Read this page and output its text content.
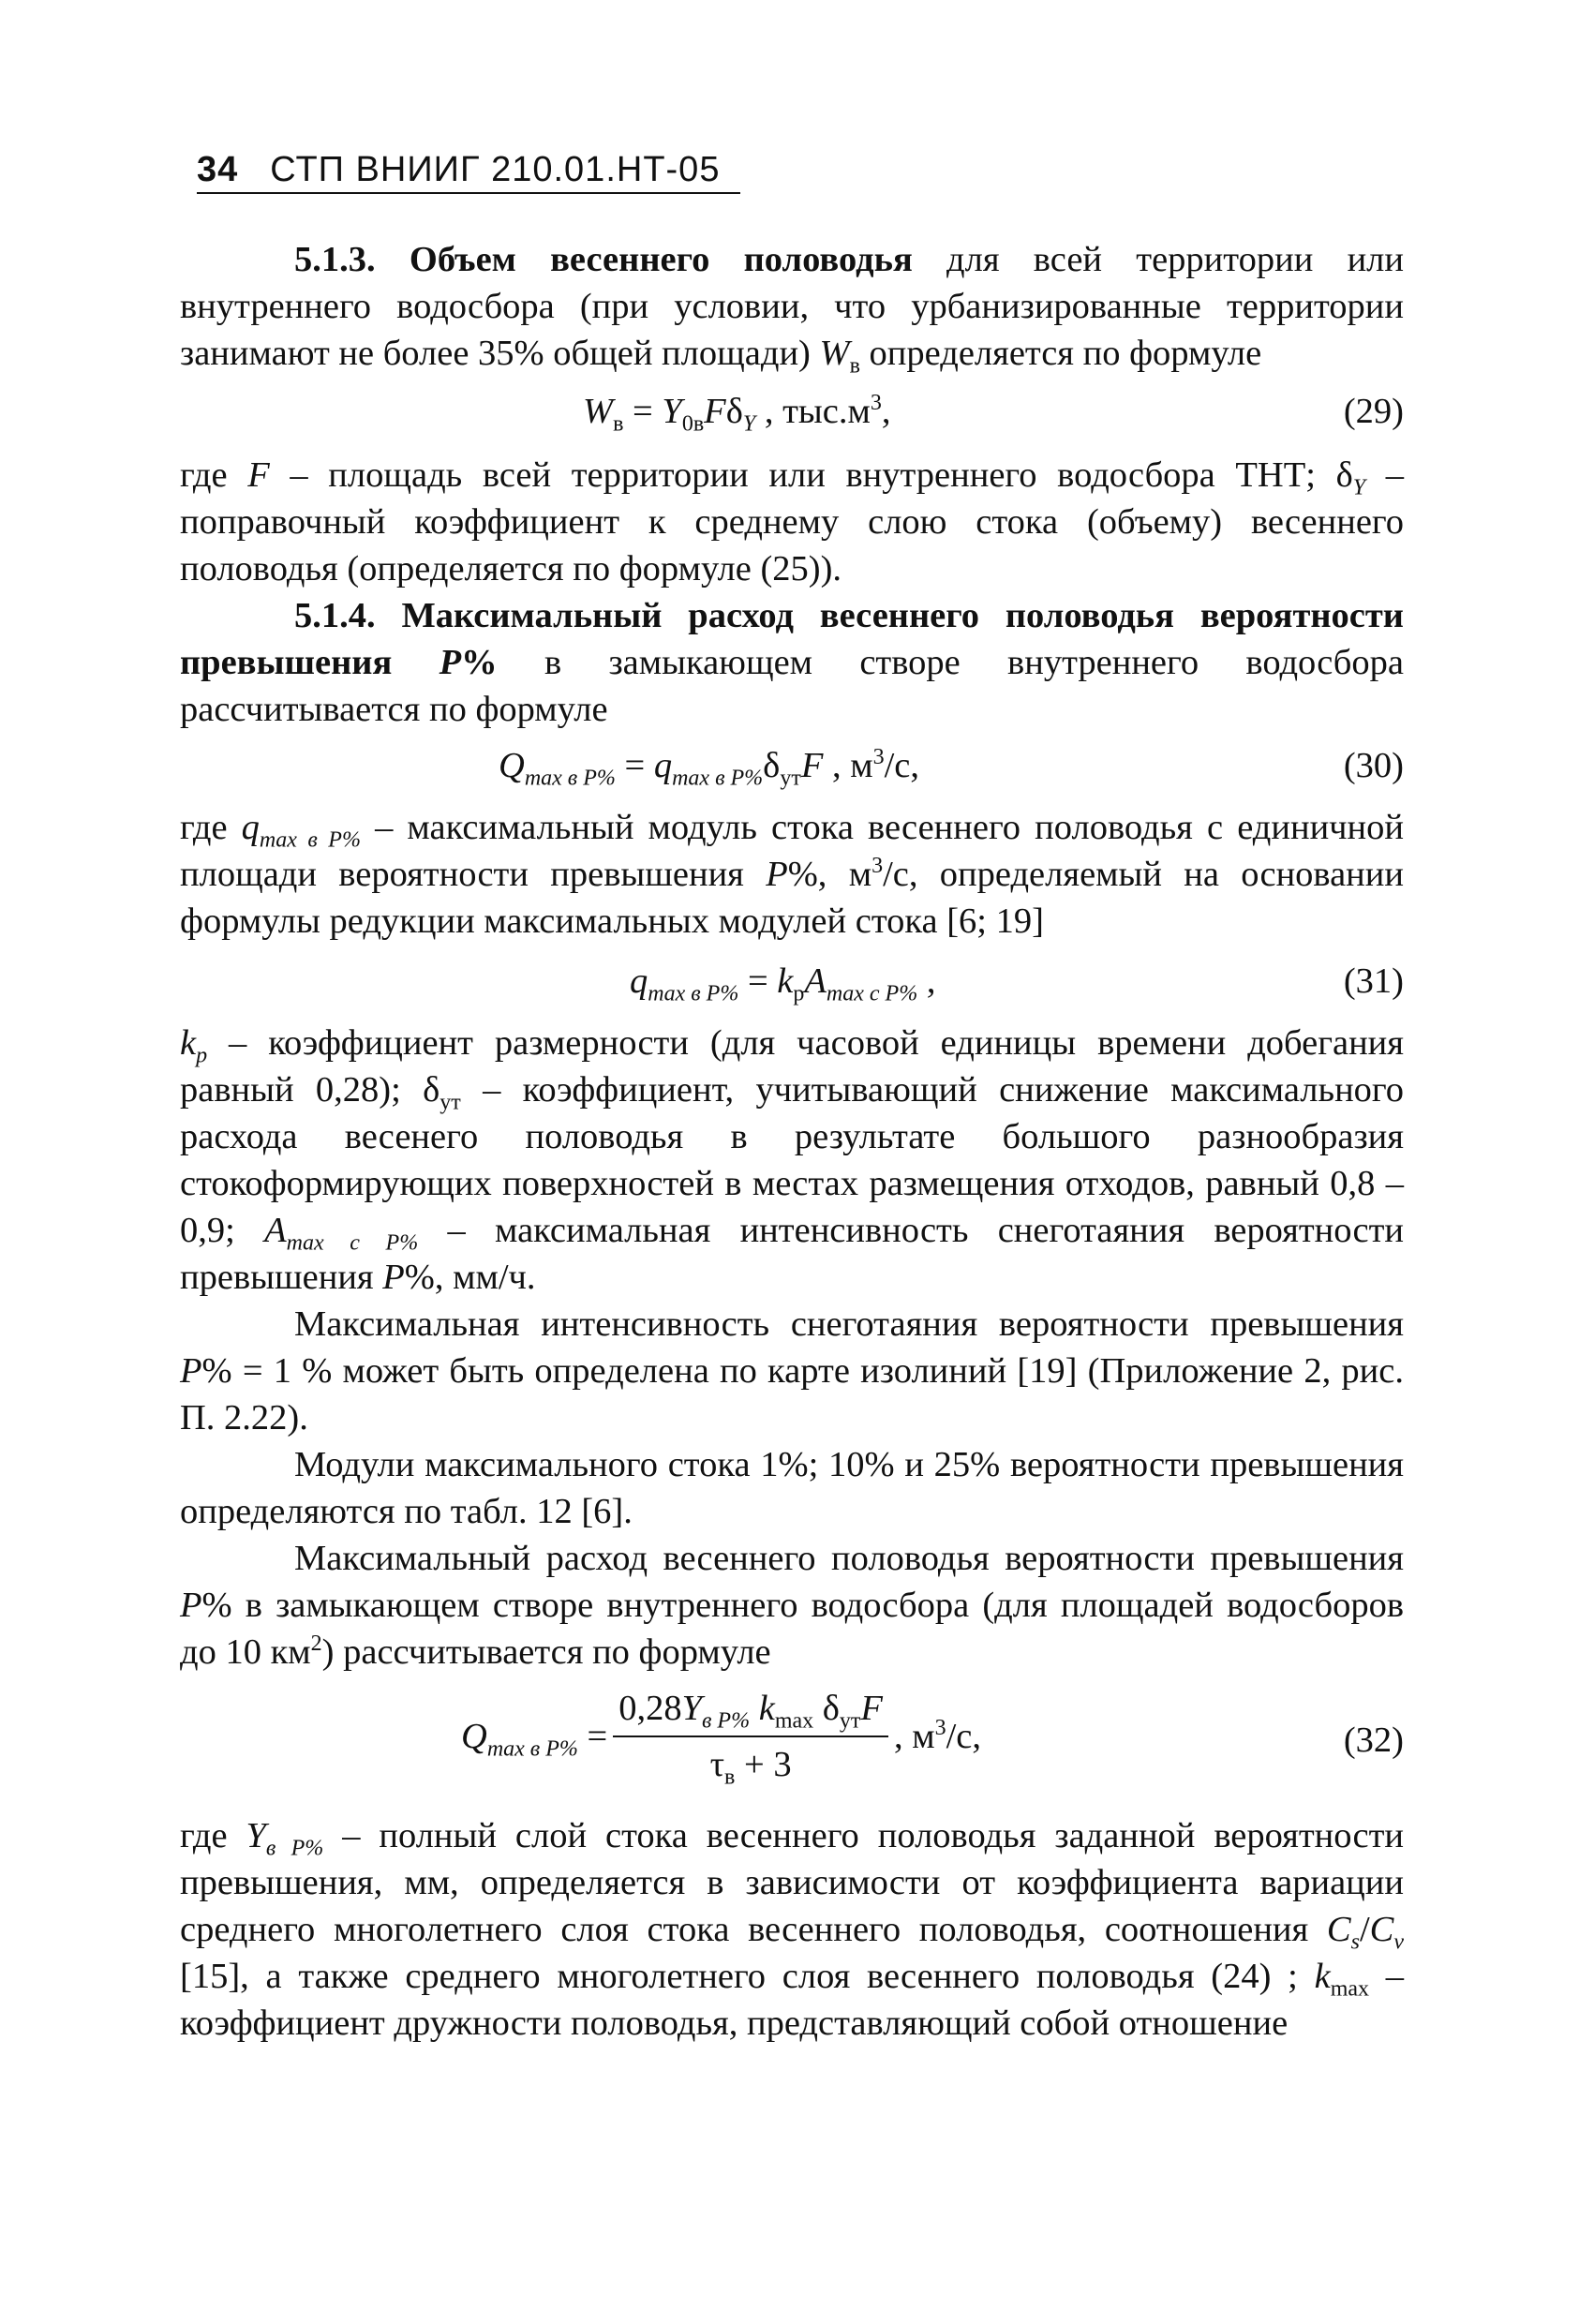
34 СТП ВНИИГ 210.01.НТ-05

5.1.3. Объем весеннего половодья для всей территории или внутреннего водосбора (при условии, что урбанизированные территории занимают не более 35% общей площади) $W_в$ определяется по формуле

$W_в = Y_{0в}F\delta_Y$ , $тыс.м^3$,	(29)

где F – площадь всей территории или внутреннего водосбора ТНТ; $\delta_Y$ – поправочный коэффициент к среднему слою стока (объему) весеннего половодья (определяется по формуле (25)).

5.1.4. Максимальный расход весеннего половодья вероятности превышения P% в замыкающем створе внутреннего водосбора рассчитывается по формуле

$Q_{max в P\%} = q_{max в P\%}\delta_{ут}F$ , $м^3/с$,	(30)

где $q_{max в P\%}$ – максимальный модуль стока весеннего половодья с единичной площади вероятности превышения P%, $м^3/с$, определяемый на основании формулы редукции максимальных модулей стока [6; 19]

$q_{max в P\%} = k_рA_{max с P\%}$ ,	(31)

$k_p$ – коэффициент размерности (для часовой единицы времени добегания равный 0,28); $\delta_{ут}$ – коэффициент, учитывающий снижение максимального расхода весенего половодья в результате большого разнообразия стокоформирующих поверхностей в местах размещения отходов, равный 0,8 – 0,9; $A_{max с P\%}$ – максимальная интенсивность снеготаяния вероятности превышения P%, мм/ч.

Максимальная интенсивность снеготаяния вероятности превышения P% = 1 % может быть определена по карте изолиний [19] (Приложение 2, рис. П. 2.22).

Модули максимального стока 1%; 10% и 25% вероятности превышения определяются по табл. 12 [6].

Максимальный расход весеннего половодья вероятности превышения P% в замыкающем створе внутреннего водосбора (для площадей водосборов до 10 $км^2$) рассчитывается по формуле

$Q_{max в P\%} = \frac{0,28Y_{в P\%} k_{max} \delta_{ут}F}{\tau_в + 3}$ , $м^3/с$,	(32)

где $Y_{в P\%}$ – полный слой стока весеннего половодья заданной вероятности превышения, мм, определяется в зависимости от коэффициента вариации среднего многолетнего слоя стока весеннего половодья, соотношения $C_s/C_v$ [15], а также среднего многолетнего слоя весеннего половодья (24) ; $k_{max}$ – коэффициент дружности половодья, представляющий собой отношение
